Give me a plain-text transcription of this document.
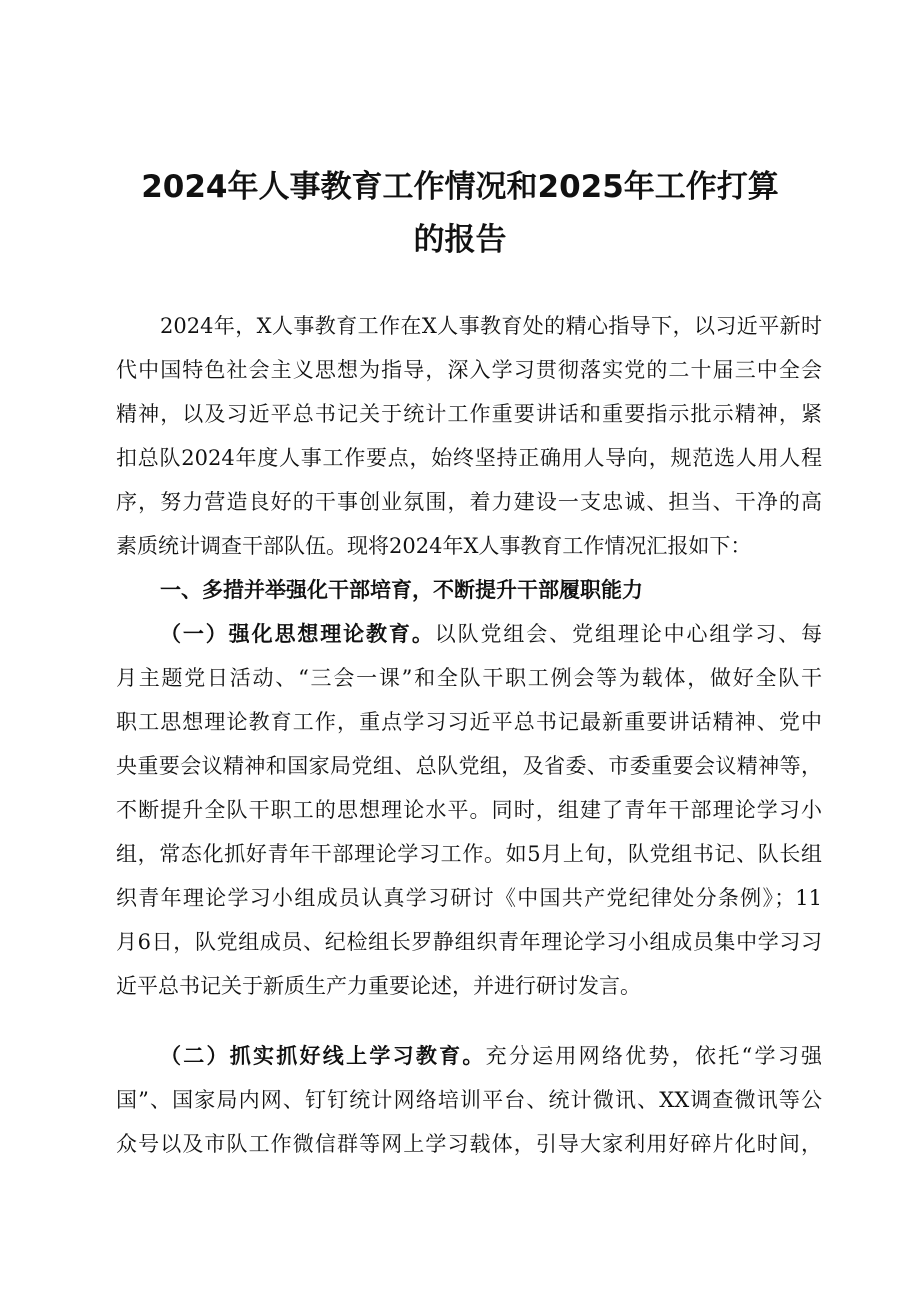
2024年人事教育工作情况和2025年工作打算
的报告
2024年，X人事教育工作在X人事教育处的精心指导下，以习近平新时
代中国特色社会主义思想为指导，深入学习贯彻落实党的二十届三中全会
精神，以及习近平总书记关于统计工作重要讲话和重要指示批示精神，紧
扣总队2024年度人事工作要点，始终坚持正确用人导向，规范选人用人程
序，努力营造良好的干事创业氛围，着力建设一支忠诚、担当、干净的高
素质统计调查干部队伍。现将2024年X人事教育工作情况汇报如下：
一、多措并举强化干部培育，不断提升干部履职能力
（一）强化思想理论教育。以队党组会、党组理论中心组学习、每
月主题党日活动、“三会一课”和全队干职工例会等为载体，做好全队干
职工思想理论教育工作，重点学习习近平总书记最新重要讲话精神、党中
央重要会议精神和国家局党组、总队党组，及省委、市委重要会议精神等，
不断提升全队干职工的思想理论水平。同时，组建了青年干部理论学习小
组，常态化抓好青年干部理论学习工作。如5月上旬，队党组书记、队长组
织青年理论学习小组成员认真学习研讨《中国共产党纪律处分条例》；11
月6日，队党组成员、纪检组长罗静组织青年理论学习小组成员集中学习习
近平总书记关于新质生产力重要论述，并进行研讨发言。
（二）抓实抓好线上学习教育。充分运用网络优势，依托“学习强
国”、国家局内网、钉钉统计网络培训平台、统计微讯、XX调查微讯等公
众号以及市队工作微信群等网上学习载体，引导大家利用好碎片化时间，
